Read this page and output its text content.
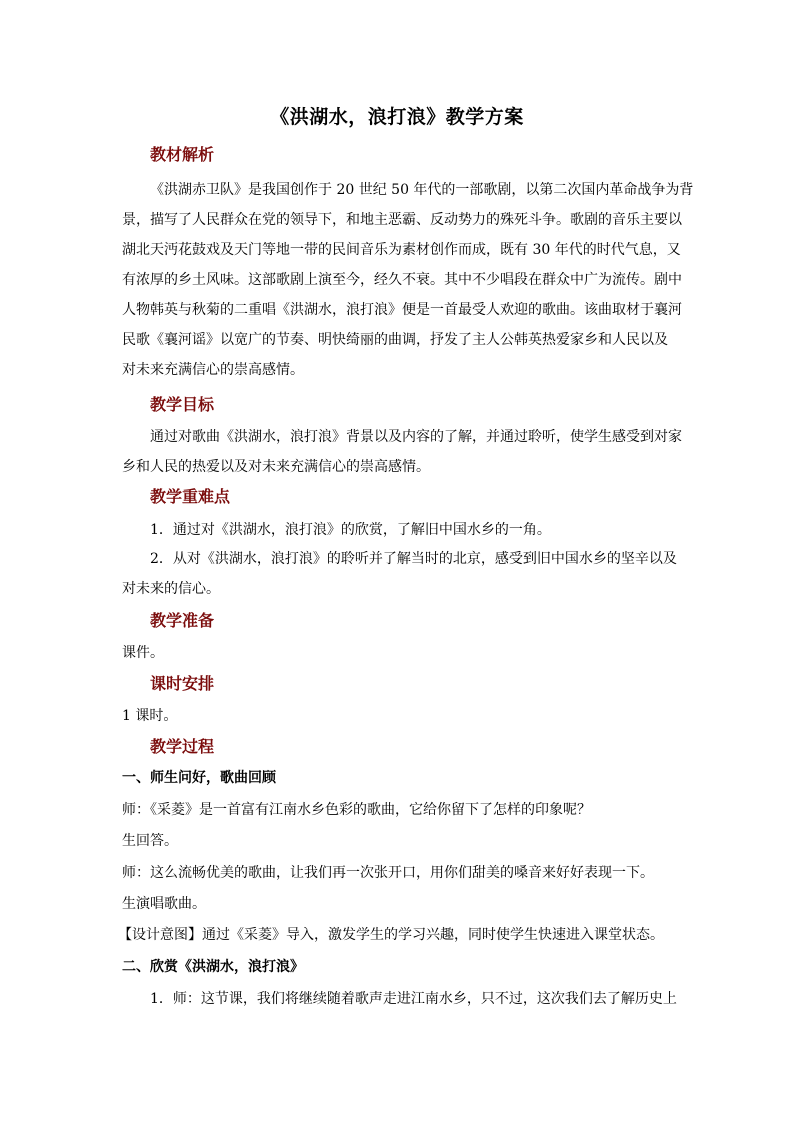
《洪湖水，浪打浪》教学方案
教材解析
《洪湖赤卫队》是我国创作于 20 世纪 50 年代的一部歌剧，以第二次国内革命战争为背
景，描写了人民群众在党的领导下，和地主恶霸、反动势力的殊死斗争。歌剧的音乐主要以
湖北天沔花鼓戏及天门等地一带的民间音乐为素材创作而成，既有 30 年代的时代气息，又
有浓厚的乡土风味。这部歌剧上演至今，经久不衰。其中不少唱段在群众中广为流传。剧中
人物韩英与秋菊的二重唱《洪湖水，浪打浪》便是一首最受人欢迎的歌曲。该曲取材于襄河
民歌《襄河谣》以宽广的节奏、明快绮丽的曲调，抒发了主人公韩英热爱家乡和人民以及
对未来充满信心的崇高感情。
教学目标
通过对歌曲《洪湖水，浪打浪》背景以及内容的了解，并通过聆听，使学生感受到对家
乡和人民的热爱以及对未来充满信心的崇高感情。
教学重难点
1．通过对《洪湖水，浪打浪》的欣赏，了解旧中国水乡的一角。
2．从对《洪湖水，浪打浪》的聆听并了解当时的北京，感受到旧中国水乡的坚辛以及
对未来的信心。
教学准备
课件。
课时安排
1 课时。
教学过程
一、师生问好，歌曲回顾
师：《采菱》是一首富有江南水乡色彩的歌曲，它给你留下了怎样的印象呢？
生回答。
师：这么流畅优美的歌曲，让我们再一次张开口，用你们甜美的嗓音来好好表现一下。
生演唱歌曲。
【设计意图】通过《采菱》导入，激发学生的学习兴趣，同时使学生快速进入课堂状态。
二、欣赏《洪湖水，浪打浪》
1．师：这节课，我们将继续随着歌声走进江南水乡，只不过，这次我们去了解历史上
